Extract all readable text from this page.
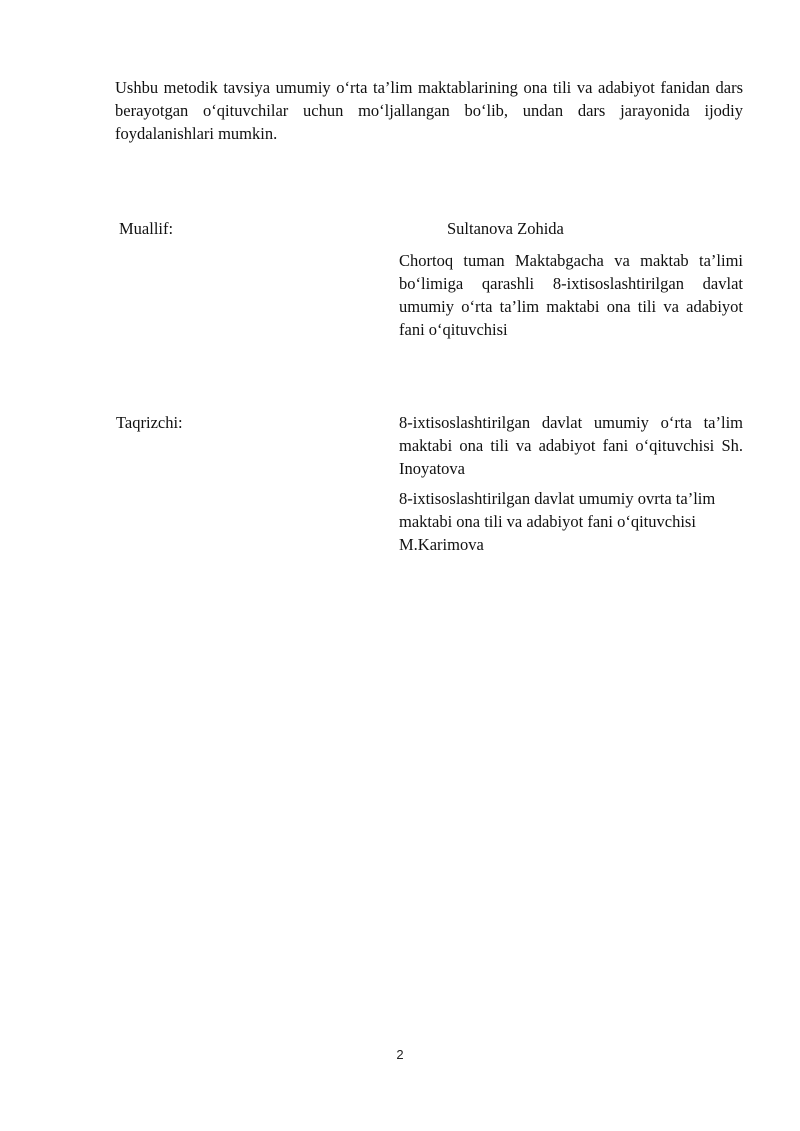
Ushbu metodik tavsiya umumiy o‘rta ta’lim maktablarining ona tili va adabiyot fanidan dars berayotgan o‘qituvchilar uchun mo‘ljallangan bo‘lib, undan dars jarayonida ijodiy foydalanishlari mumkin.

Muallif:	Sultanova Zohida

Chortoq tuman Maktabgacha va maktab ta’limi bo‘limiga qarashli 8-ixtisoslashtirilgan davlat umumiy o‘rta ta’lim maktabi ona tili va adabiyot fani o‘qituvchisi

Taqrizchi:	8-ixtisoslashtirilgan davlat umumiy o‘rta ta’lim maktabi ona tili va adabiyot fani o‘qituvchisi Sh. Inoyatova

8-ixtisoslashtirilgan davlat umumiy ovrta ta’lim maktabi ona tili va adabiyot fani o‘qituvchisi M.Karimova

2
